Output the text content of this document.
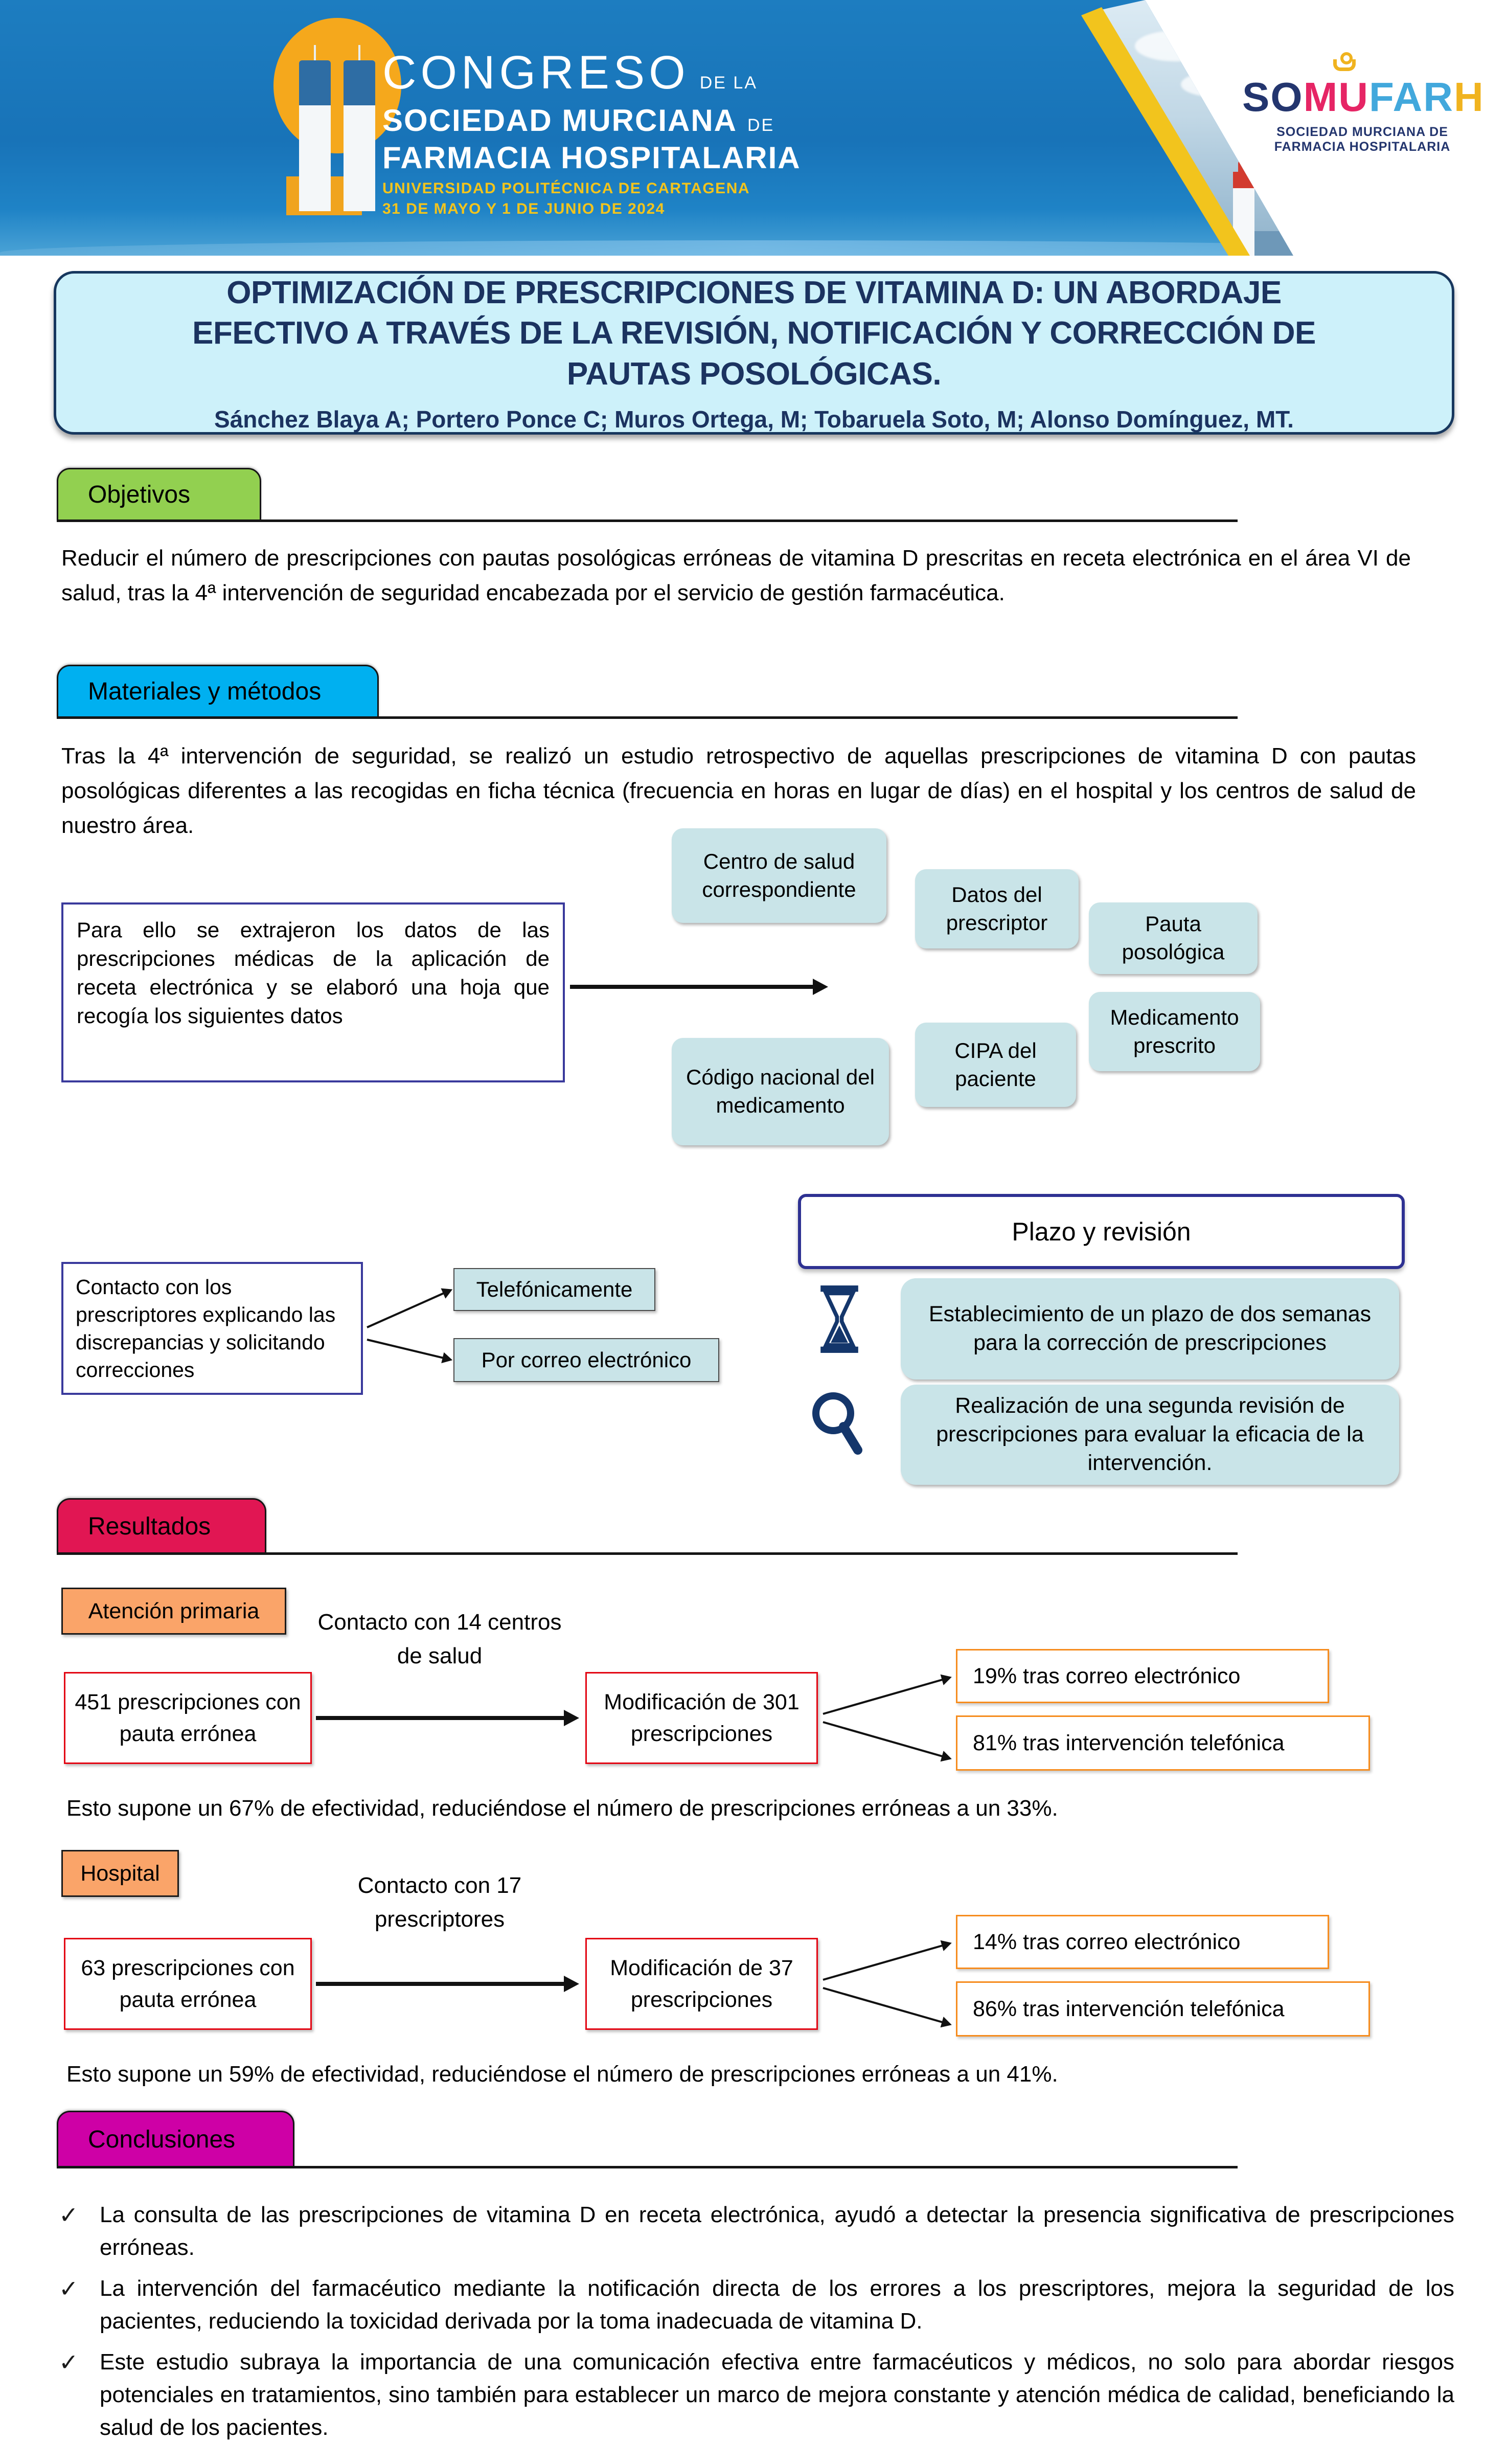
CONGRESO DE LA
SOCIEDAD MURCIANA DE
FARMACIA HOSPITALARIA
UNIVERSIDAD POLITÉCNICA DE CARTAGENA
31 DE MAYO Y 1 DE JUNIO DE 2024
SOMUFARH
SOCIEDAD MURCIANA DE FARMACIA HOSPITALARIA
OPTIMIZACIÓN DE PRESCRIPCIONES DE VITAMINA D: UN ABORDAJE EFECTIVO A TRAVÉS DE LA REVISIÓN, NOTIFICACIÓN Y CORRECCIÓN DE PAUTAS POSOLÓGICAS.
Sánchez Blaya A; Portero Ponce C; Muros Ortega, M; Tobaruela Soto, M; Alonso Domínguez, MT.
Objetivos
Reducir el número de prescripciones con pautas posológicas erróneas de vitamina D prescritas en receta electrónica en el área VI de salud, tras la 4ª intervención de seguridad encabezada por el servicio de gestión farmacéutica.
Materiales y métodos
Tras la 4ª intervención de seguridad, se realizó un estudio retrospectivo de aquellas prescripciones de vitamina D con pautas posológicas diferentes a las recogidas en ficha técnica (frecuencia en horas en lugar de días) en el hospital y los centros de salud de nuestro área.
Para ello se extrajeron los datos de las prescripciones médicas de la aplicación de receta electrónica y se elaboró una hoja que recogía los siguientes datos
Centro de salud correspondiente	Datos del prescriptor	Pauta posológica
Código nacional del medicamento
CIPA del paciente
Medicamento prescrito
Plazo y revisión
Contacto con los prescriptores explicando las discrepancias y solicitando correcciones
Telefónicamente
Por correo electrónico
Establecimiento de un plazo de dos semanas para la corrección de prescripciones
Realización de una segunda revisión de prescripciones para evaluar la eficacia de la intervención.
Resultados
Atención primaria	Contacto con 14 centros de salud
451 prescripciones con pauta errónea
Modificación de 301 prescripciones
19% tras correo electrónico
81% tras intervención telefónica
Esto supone un 67% de efectividad, reduciéndose el número de prescripciones erróneas a un 33%.
Hospital	Contacto con 17 prescriptores
63 prescripciones con pauta errónea
Modificación de 37 prescripciones
14% tras correo electrónico
86% tras intervención telefónica
Esto supone un 59% de efectividad, reduciéndose el número de prescripciones erróneas a un 41%.
Conclusiones
✓ La consulta de las prescripciones de vitamina D en receta electrónica, ayudó a detectar la presencia significativa de prescripciones erróneas.
✓ La intervención del farmacéutico mediante la notificación directa de los errores a los prescriptores, mejora la seguridad de los pacientes, reduciendo la toxicidad derivada por la toma inadecuada de vitamina D.
✓ Este estudio subraya la importancia de una comunicación efectiva entre farmacéuticos y médicos, no solo para abordar riesgos potenciales en tratamientos, sino también para establecer un marco de mejora constante y atención médica de calidad, beneficiando la salud de los pacientes.
